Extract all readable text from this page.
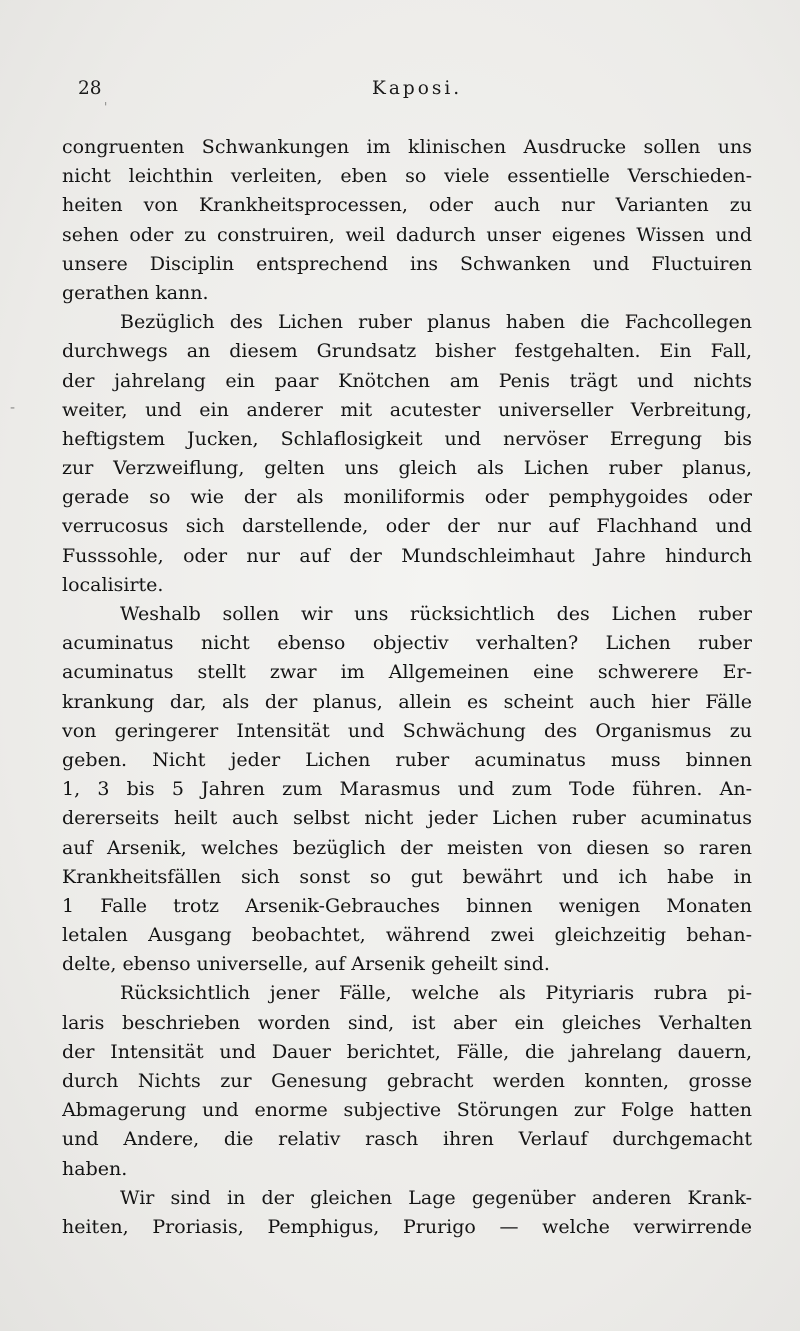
28	Kaposi.
'
-
congruenten Schwankungen im klinischen Ausdrucke sollen uns
nicht leichthin verleiten, eben so viele essentielle Verschieden-
heiten von Krankheitsprocessen, oder auch nur Varianten zu
sehen oder zu construiren, weil dadurch unser eigenes Wissen und
unsere Disciplin entsprechend ins Schwanken und Fluctuiren
gerathen kann.
Bezüglich des Lichen ruber planus haben die Fachcollegen
durchwegs an diesem Grundsatz bisher festgehalten. Ein Fall,
der jahrelang ein paar Knötchen am Penis trägt und nichts
weiter, und ein anderer mit acutester universeller Verbreitung,
heftigstem Jucken, Schlaflosigkeit und nervöser Erregung bis
zur Verzweiflung, gelten uns gleich als Lichen ruber planus,
gerade so wie der als moniliformis oder pemphygoides oder
verrucosus sich darstellende, oder der nur auf Flachhand und
Fusssohle, oder nur auf der Mundschleimhaut Jahre hindurch
localisirte.
Weshalb sollen wir uns rücksichtlich des Lichen ruber
acuminatus nicht ebenso objectiv verhalten? Lichen ruber
acuminatus stellt zwar im Allgemeinen eine schwerere Er-
krankung dar, als der planus, allein es scheint auch hier Fälle
von geringerer Intensität und Schwächung des Organismus zu
geben. Nicht jeder Lichen ruber acuminatus muss binnen
1, 3 bis 5 Jahren zum Marasmus und zum Tode führen. An-
dererseits heilt auch selbst nicht jeder Lichen ruber acuminatus
auf Arsenik, welches bezüglich der meisten von diesen so raren
Krankheitsfällen sich sonst so gut bewährt und ich habe in
1 Falle trotz Arsenik-Gebrauches binnen wenigen Monaten
letalen Ausgang beobachtet, während zwei gleichzeitig behan-
delte, ebenso universelle, auf Arsenik geheilt sind.
Rücksichtlich jener Fälle, welche als Pityriaris rubra pi-
laris beschrieben worden sind, ist aber ein gleiches Verhalten
der Intensität und Dauer berichtet, Fälle, die jahrelang dauern,
durch Nichts zur Genesung gebracht werden konnten, grosse
Abmagerung und enorme subjective Störungen zur Folge hatten
und Andere, die relativ rasch ihren Verlauf durchgemacht
haben.
Wir sind in der gleichen Lage gegenüber anderen Krank-
heiten, Proriasis, Pemphigus, Prurigo — welche verwirrende
